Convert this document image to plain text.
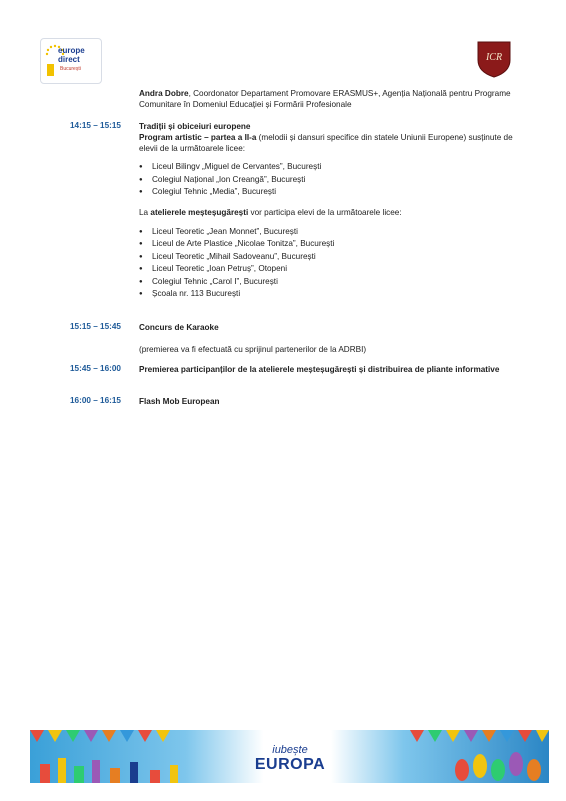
europe
direct
București
ICR
Andra Dobre, Coordonator Departament Promovare ERASMUS+, Agenția Națională pentru Programe Comunitare în Domeniul Educației și Formării Profesionale
14:15 – 15:15 Tradiții și obiceiuri europene
Program artistic – partea a II-a (melodii și dansuri specifice din statele Uniunii Europene) susținute de elevii de la următoarele licee:
● Liceul Bilingv „Miguel de Cervantes”, București
● Colegiul Național „Ion Creangă”, București
● Colegiul Tehnic „Media”, București
La atelierele meșteșugărești vor participa elevi de la următoarele licee:
● Liceul Teoretic „Jean Monnet”, București
● Liceul de Arte Plastice „Nicolae Tonitza”, București
● Liceul Teoretic „Mihail Sadoveanu”, București
● Liceul Teoretic „Ioan Petruș”, Otopeni
● Colegiul Tehnic „Carol I”, București
● Școala nr. 113 București
15:15 – 15:45 Concurs de Karaoke
(premierea va fi efectuată cu sprijinul partenerilor de la ADRBI)
15:45 – 16:00 Premierea participanților de la atelierele meșteșugărești și distribuirea de pliante informative
16:00 – 16:15 Flash Mob European
iubește
EUROPA
